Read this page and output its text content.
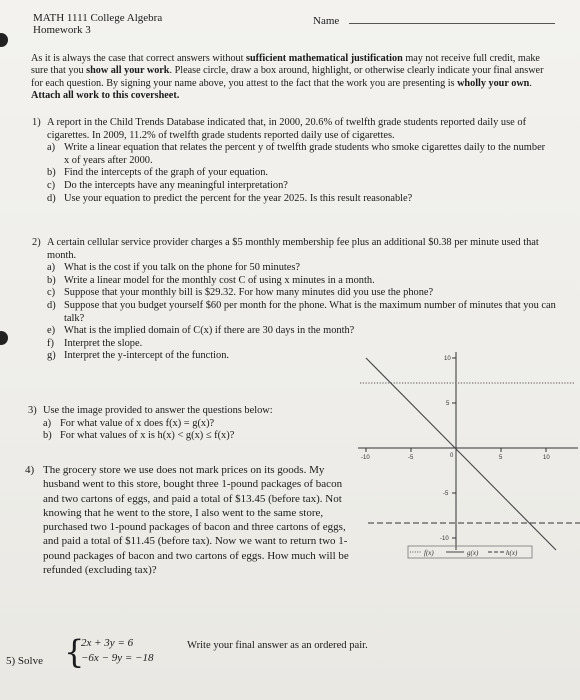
MATH 1111 College Algebra
Homework 3
Name
As it is always the case that correct answers without sufficient mathematical justification may not receive full credit, make sure that you show all your work. Please circle, draw a box around, highlight, or otherwise clearly indicate your final answer for each question. By signing your name above, you attest to the fact that the work you are presenting is wholly your own. Attach all work to this coversheet.
1) A report in the Child Trends Database indicated that, in 2000, 20.6% of twelfth grade students reported daily use of cigarettes. In 2009, 11.2% of twelfth grade students reported daily use of cigarettes.
a) Write a linear equation that relates the percent y of twelfth grade students who smoke cigarettes daily to the number x of years after 2000.
b) Find the intercepts of the graph of your equation.
c) Do the intercepts have any meaningful interpretation?
d) Use your equation to predict the percent for the year 2025. Is this result reasonable?
2) A certain cellular service provider charges a $5 monthly membership fee plus an additional $0.38 per minute used that month.
a) What is the cost if you talk on the phone for 50 minutes?
b) Write a linear model for the monthly cost C of using x minutes in a month.
c) Suppose that your monthly bill is $29.32. For how many minutes did you use the phone?
d) Suppose that you budget yourself $60 per month for the phone. What is the maximum number of minutes that you can talk?
e) What is the implied domain of C(x) if there are 30 days in the month?
f) Interpret the slope.
g) Interpret the y-intercept of the function.
3) Use the image provided to answer the questions below:
a) For what value of x does f(x) = g(x)?
b) For what values of x is h(x) < g(x) ≤ f(x)?
4) The grocery store we use does not mark prices on its goods. My husband went to this store, bought three 1-pound packages of bacon and two cartons of eggs, and paid a total of $13.45 (before tax). Not knowing that he went to the store, I also went to the same store, purchased two 1-pound packages of bacon and three cartons of eggs, and paid a total of $11.45 (before tax). Now we want to return two 1-pound packages of bacon and two cartons of eggs. How much will be refunded (excluding tax)?
10
5
-5
-10
-10	-5	0	5	10
f(x)	g(x)	h(x)
5) Solve {
2x + 3y = 6
−6x − 9y = −18
Write your final answer as an ordered pair.
